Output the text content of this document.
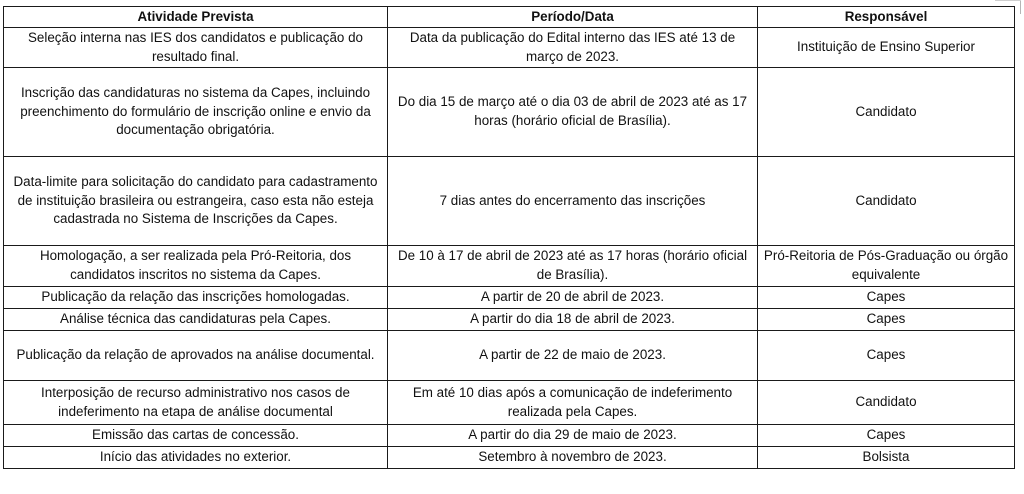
Atividade Prevista	Período/Data	Responsável
Seleção interna nas IES dos candidatos e publicação do resultado final.	Data da publicação do Edital interno das IES até 13 de março de 2023.	Instituição de Ensino Superior
Inscrição das candidaturas no sistema da Capes, incluindo preenchimento do formulário de inscrição online e envio da documentação obrigatória.	Do dia 15 de março até o dia 03 de abril de 2023 até as 17 horas (horário oficial de Brasília).	Candidato
Data-limite para solicitação do candidato para cadastramento de instituição brasileira ou estrangeira, caso esta não esteja cadastrada no Sistema de Inscrições da Capes.	7 dias antes do encerramento das inscrições	Candidato
Homologação, a ser realizada pela Pró-Reitoria, dos candidatos inscritos no sistema da Capes.	De 10 à 17 de abril de 2023 até as 17 horas (horário oficial de Brasília).	Pró-Reitoria de Pós-Graduação ou órgão equivalente
Publicação da relação das inscrições homologadas.	A partir de 20 de abril de 2023.	Capes
Análise técnica das candidaturas pela Capes.	A partir do dia 18 de abril de 2023.	Capes
Publicação da relação de aprovados na análise documental.	A partir de 22 de maio de 2023.	Capes
Interposição de recurso administrativo nos casos de indeferimento na etapa de análise documental	Em até 10 dias após a comunicação de indeferimento realizada pela Capes.	Candidato
Emissão das cartas de concessão.	A partir do dia 29 de maio de 2023.	Capes
Início das atividades no exterior.	Setembro à novembro de 2023.	Bolsista
